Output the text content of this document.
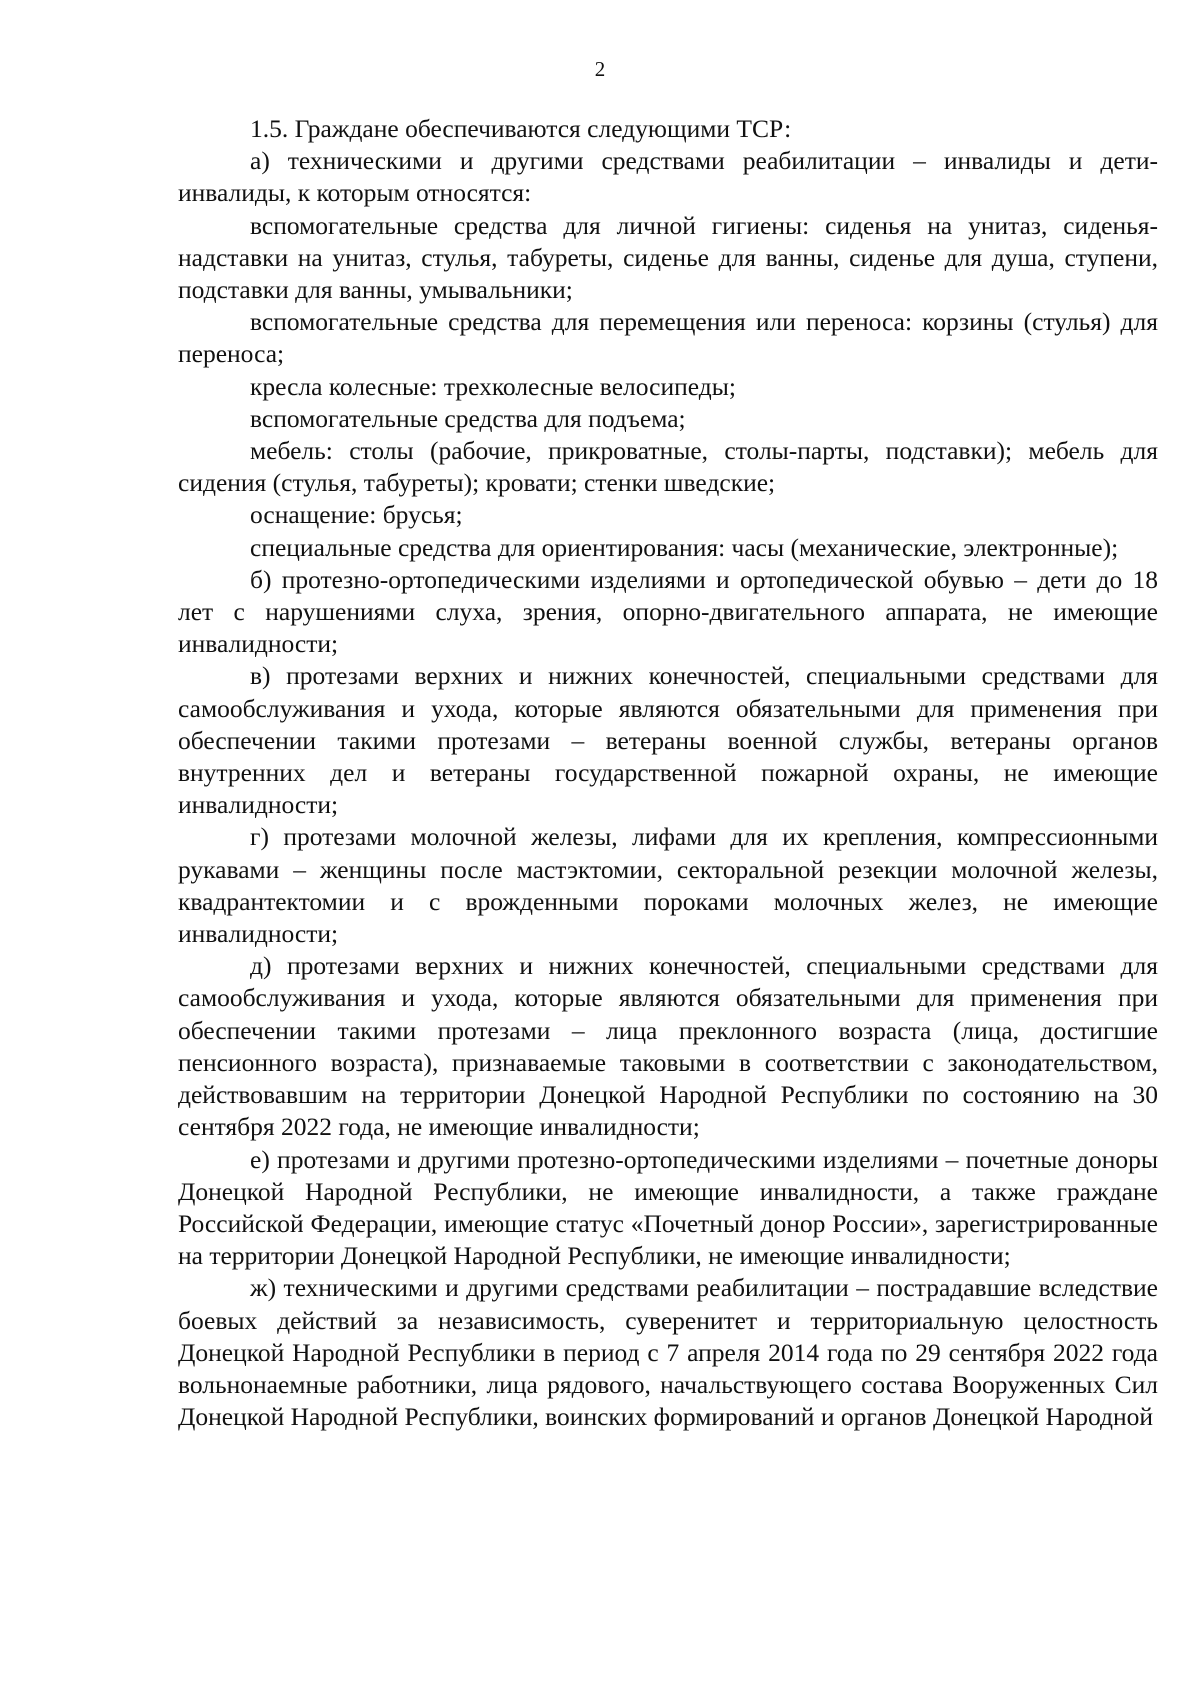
2

1.5. Граждане обеспечиваются следующими ТСР:

а) техническими и другими средствами реабилитации – инвалиды и дети-инвалиды, к которым относятся:

вспомогательные средства для личной гигиены: сиденья на унитаз, сиденья-надставки на унитаз, стулья, табуреты, сиденье для ванны, сиденье для душа, ступени, подставки для ванны, умывальники;

вспомогательные средства для перемещения или переноса: корзины (стулья) для переноса;

кресла колесные: трехколесные велосипеды;

вспомогательные средства для подъема;

мебель: столы (рабочие, прикроватные, столы-парты, подставки); мебель для сидения (стулья, табуреты); кровати; стенки шведские;

оснащение: брусья;

специальные средства для ориентирования: часы (механические, электронные);

б) протезно-ортопедическими изделиями и ортопедической обувью – дети до 18 лет с нарушениями слуха, зрения, опорно-двигательного аппарата, не имеющие инвалидности;

в) протезами верхних и нижних конечностей, специальными средствами для самообслуживания и ухода, которые являются обязательными для применения при обеспечении такими протезами – ветераны военной службы, ветераны органов внутренних дел и ветераны государственной пожарной охраны, не имеющие инвалидности;

г) протезами молочной железы, лифами для их крепления, компрессионными рукавами – женщины после мастэктомии, секторальной резекции молочной железы, квадрантектомии и с врожденными пороками молочных желез, не имеющие инвалидности;

д) протезами верхних и нижних конечностей, специальными средствами для самообслуживания и ухода, которые являются обязательными для применения при обеспечении такими протезами – лица преклонного возраста (лица, достигшие пенсионного возраста), признаваемые таковыми в соответствии с законодательством, действовавшим на территории Донецкой Народной Республики по состоянию на 30 сентября 2022 года, не имеющие инвалидности;

е) протезами и другими протезно-ортопедическими изделиями – почетные доноры Донецкой Народной Республики, не имеющие инвалидности, а также граждане Российской Федерации, имеющие статус «Почетный донор России», зарегистрированные на территории Донецкой Народной Республики, не имеющие инвалидности;

ж) техническими и другими средствами реабилитации – пострадавшие вследствие боевых действий за независимость, суверенитет и территориальную целостность Донецкой Народной Республики в период с 7 апреля 2014 года по 29 сентября 2022 года вольнонаемные работники, лица рядового, начальствующего состава Вооруженных Сил Донецкой Народной Республики, воинских формирований и органов Донецкой Народной
